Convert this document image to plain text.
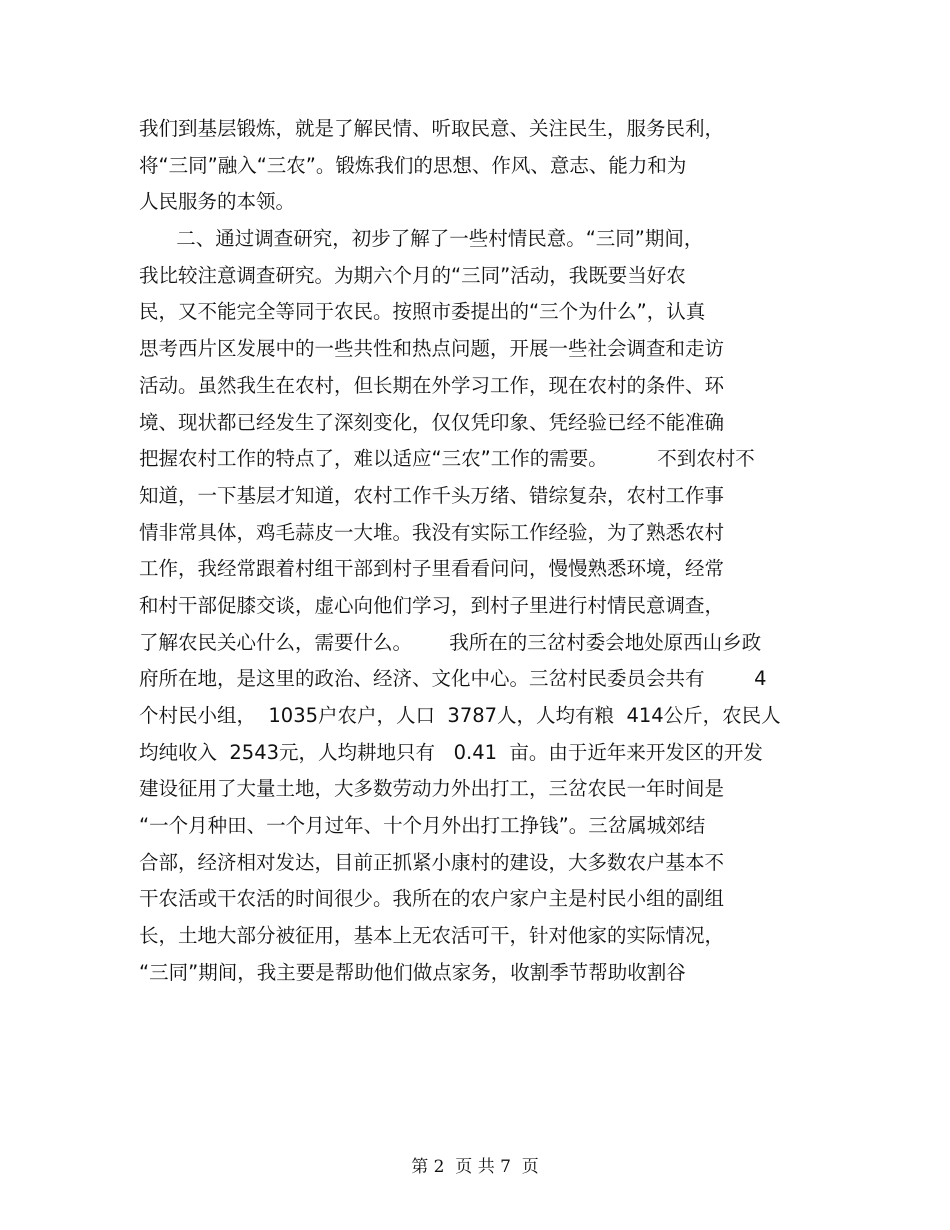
我们到基层锻炼，就是了解民情、听取民意、关注民生，服务民利，
将“三同”融入“三农”。锻炼我们的思想、作风、意志、能力和为
人民服务的本领。
二、通过调查研究，初步了解了一些村情民意。“三同”期间，
我比较注意调查研究。为期六个月的“三同”活动，我既要当好农
民，又不能完全等同于农民。按照市委提出的“三个为什么”，认真
思考西片区发展中的一些共性和热点问题，开展一些社会调查和走访
活动。虽然我生在农村，但长期在外学习工作，现在农村的条件、环
境、现状都已经发生了深刻变化，仅仅凭印象、凭经验已经不能准确
把握农村工作的特点了，难以适应“三农”工作的需要。        不到农村不
知道，一下基层才知道，农村工作千头万绪、错综复杂，农村工作事
情非常具体，鸡毛蒜皮一大堆。我没有实际工作经验，为了熟悉农村
工作，我经常跟着村组干部到村子里看看问问，慢慢熟悉环境，经常
和村干部促膝交谈，虚心向他们学习，到村子里进行村情民意调查，
了解农民关心什么，需要什么。      我所在的三岔村委会地处原西山乡政
府所在地，是这里的政治、经济、文化中心。三岔村民委员会共有        4
个村民小组，  1035户农户，人口  3787人，人均有粮  414公斤，农民人
均纯收入  2543元，人均耕地只有   0.41  亩。由于近年来开发区的开发
建设征用了大量土地，大多数劳动力外出打工，三岔农民一年时间是
“一个月种田、一个月过年、十个月外出打工挣钱”。三岔属城郊结
合部，经济相对发达，目前正抓紧小康村的建设，大多数农户基本不
干农活或干农活的时间很少。我所在的农户家户主是村民小组的副组
长，土地大部分被征用，基本上无农活可干，针对他家的实际情况，
“三同”期间，我主要是帮助他们做点家务，收割季节帮助收割谷
第 2  页 共 7  页
